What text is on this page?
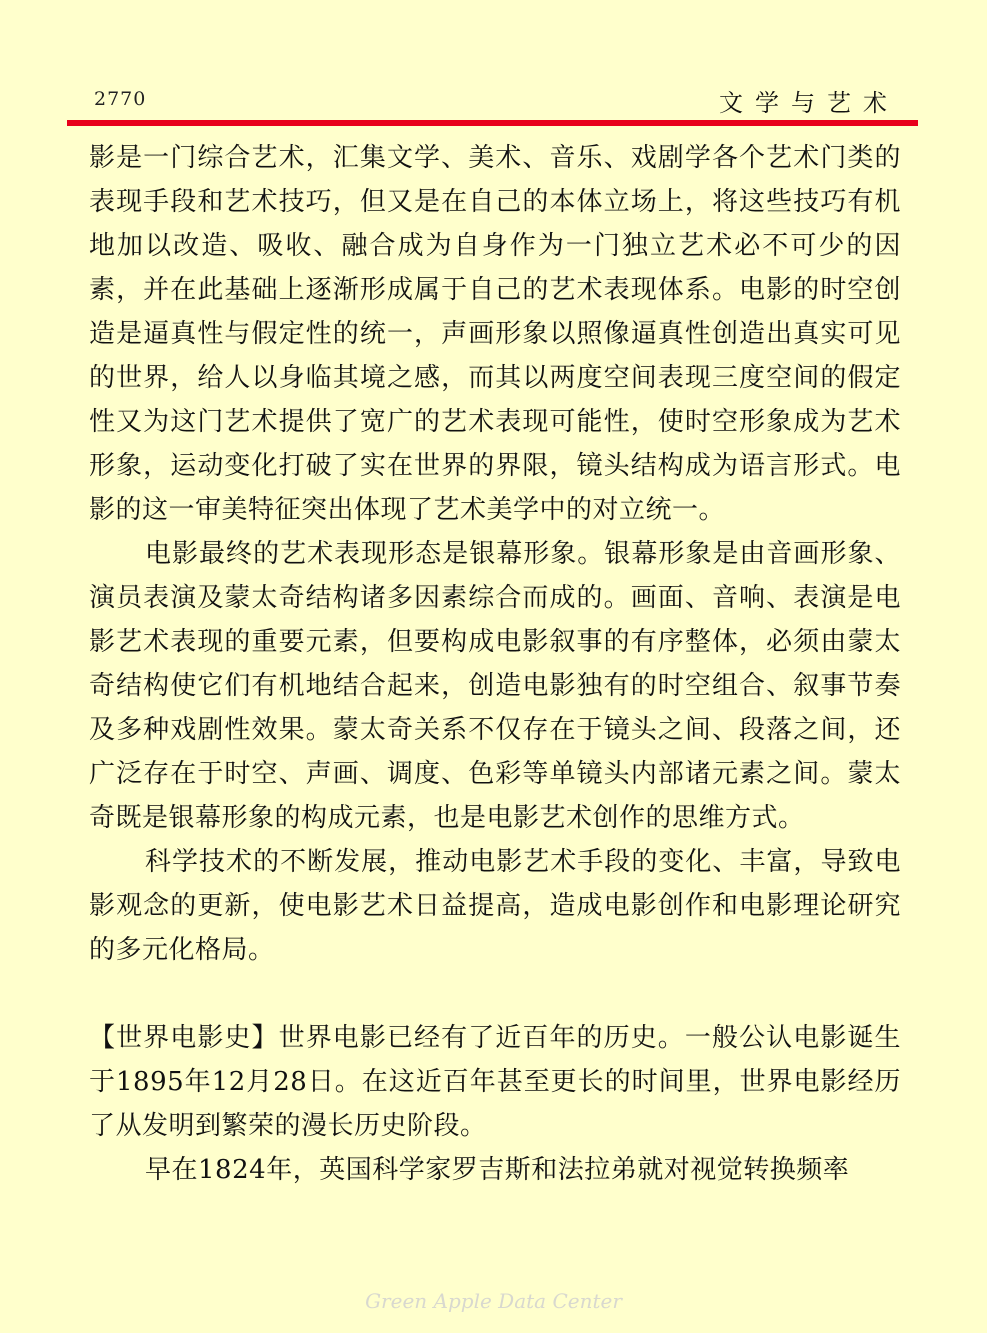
2770	文学与艺术

影是一门综合艺术，汇集文学、美术、音乐、戏剧学各个艺术门类的表现手段和艺术技巧，但又是在自己的本体立场上，将这些技巧有机地加以改造、吸收、融合成为自身作为一门独立艺术必不可少的因素，并在此基础上逐渐形成属于自己的艺术表现体系。电影的时空创造是逼真性与假定性的统一，声画形象以照像逼真性创造出真实可见的世界，给人以身临其境之感，而其以两度空间表现三度空间的假定性又为这门艺术提供了宽广的艺术表现可能性，使时空形象成为艺术形象，运动变化打破了实在世界的界限，镜头结构成为语言形式。电影的这一审美特征突出体现了艺术美学中的对立统一。

电影最终的艺术表现形态是银幕形象。银幕形象是由音画形象、演员表演及蒙太奇结构诸多因素综合而成的。画面、音响、表演是电影艺术表现的重要元素，但要构成电影叙事的有序整体，必须由蒙太奇结构使它们有机地结合起来，创造电影独有的时空组合、叙事节奏及多种戏剧性效果。蒙太奇关系不仅存在于镜头之间、段落之间，还广泛存在于时空、声画、调度、色彩等单镜头内部诸元素之间。蒙太奇既是银幕形象的构成元素，也是电影艺术创作的思维方式。

科学技术的不断发展，推动电影艺术手段的变化、丰富，导致电影观念的更新，使电影艺术日益提高，造成电影创作和电影理论研究的多元化格局。

【世界电影史】世界电影已经有了近百年的历史。一般公认电影诞生于1895年12月28日。在这近百年甚至更长的时间里，世界电影经历了从发明到繁荣的漫长历史阶段。

早在1824年，英国科学家罗吉斯和法拉弟就对视觉转换频率

Green Apple Data Center
